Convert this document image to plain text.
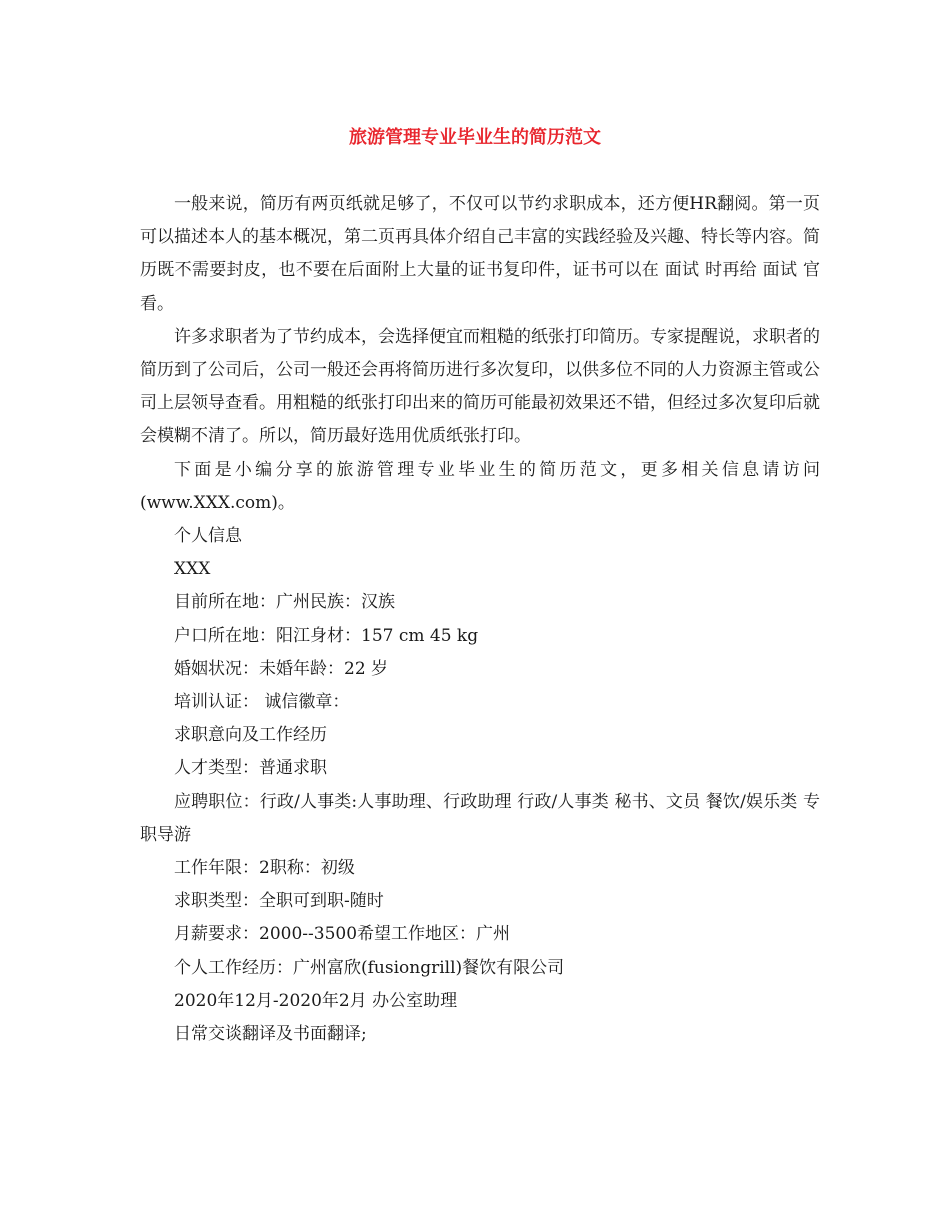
旅游管理专业毕业生的简历范文

一般来说，简历有两页纸就足够了，不仅可以节约求职成本，还方便HR翻阅。第一页可以描述本人的基本概况，第二页再具体介绍自己丰富的实践经验及兴趣、特长等内容。简历既不需要封皮，也不要在后面附上大量的证书复印件，证书可以在 面试 时再给 面试 官看。

许多求职者为了节约成本，会选择便宜而粗糙的纸张打印简历。专家提醒说，求职者的简历到了公司后，公司一般还会再将简历进行多次复印，以供多位不同的人力资源主管或公司上层领导查看。用粗糙的纸张打印出来的简历可能最初效果还不错，但经过多次复印后就会模糊不清了。所以，简历最好选用优质纸张打印。

下面是小编分享的旅游管理专业毕业生的简历范文，更多相关信息请访问(www.XXX.com)。

个人信息

XXX

目前所在地：广州民族：汉族

户口所在地：阳江身材：157 cm 45 kg

婚姻状况：未婚年龄：22 岁

培训认证： 诚信徽章：

求职意向及工作经历

人才类型：普通求职

应聘职位：行政/人事类:人事助理、行政助理 行政/人事类 秘书、文员 餐饮/娱乐类 专职导游

工作年限：2职称：初级

求职类型：全职可到职-随时

月薪要求：2000--3500希望工作地区：广州

个人工作经历：广州富欣(fusiongrill)餐饮有限公司

2020年12月-2020年2月 办公室助理

日常交谈翻译及书面翻译;
